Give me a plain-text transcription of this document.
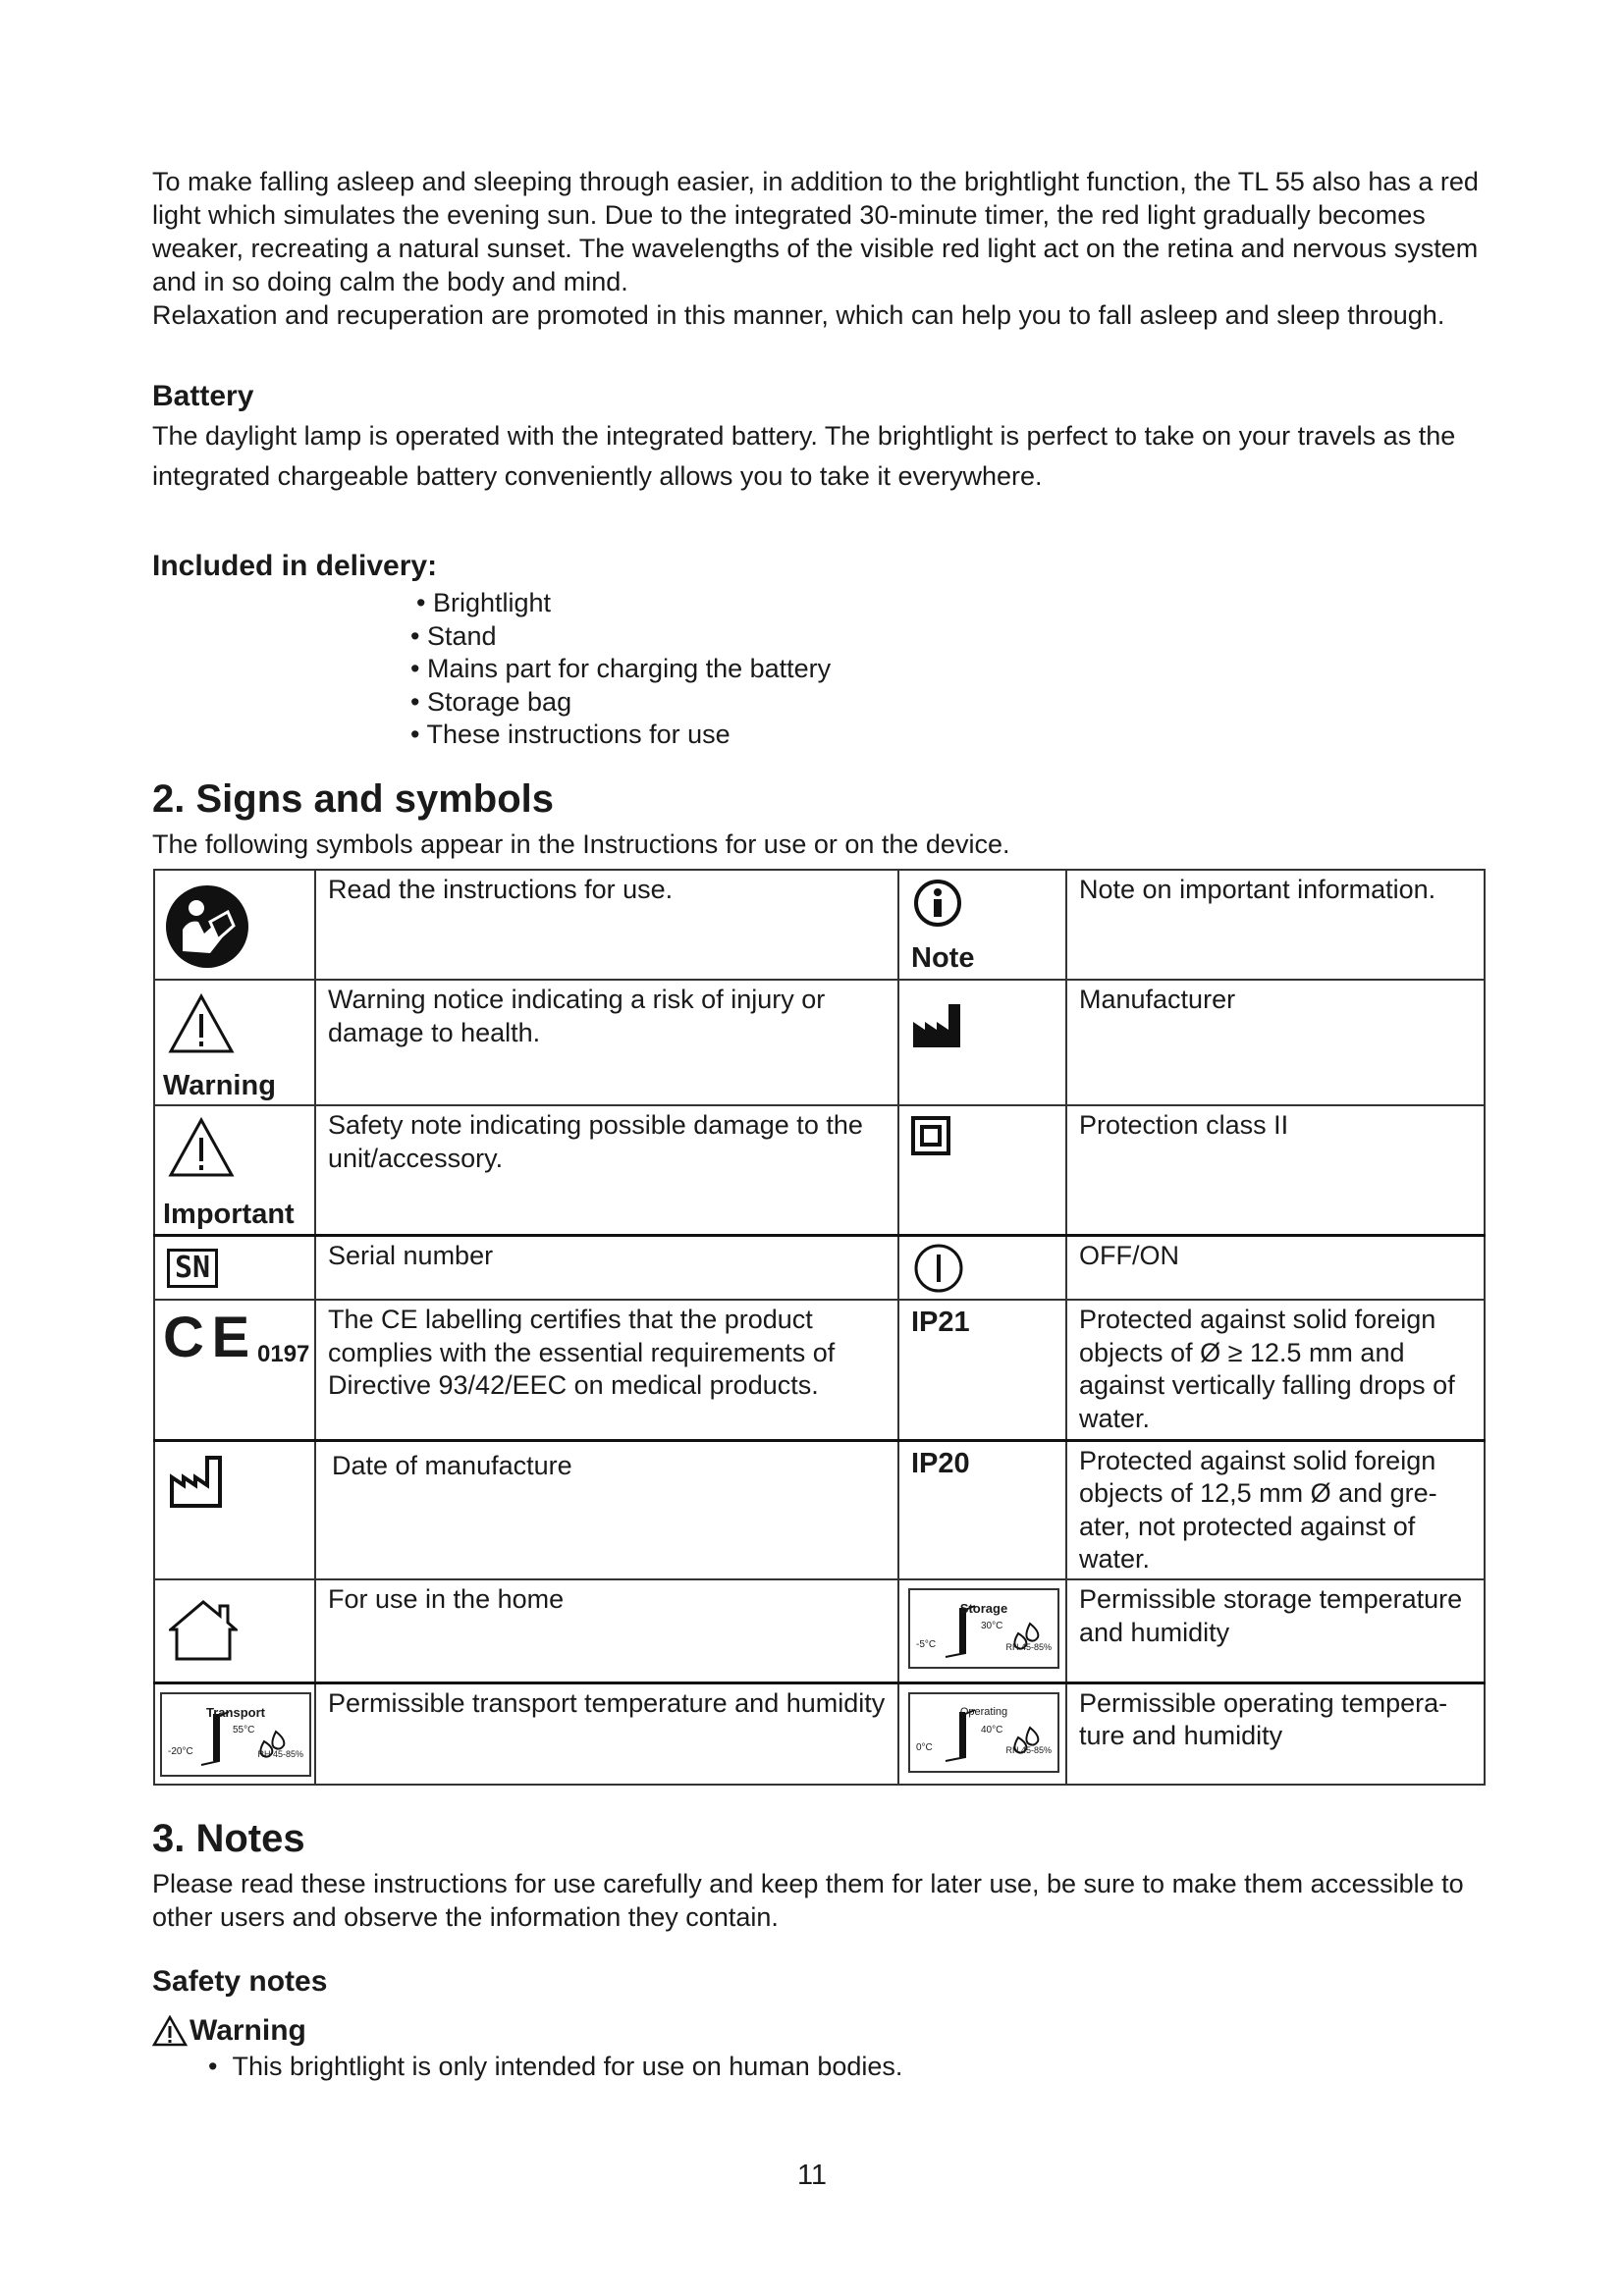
To make falling asleep and sleeping through easier, in addition to the brightlight function, the TL 55 also has a red light which simulates the evening sun. Due to the integrated 30-minute timer, the red light gradually becomes weaker, recreating a natural sunset. The wavelengths of the visible red light act on the retina and nervous system and in so doing calm the body and mind.

Relaxation and recuperation are promoted in this manner, which can help you to fall asleep and sleep through.

Battery

The daylight lamp is operated with the integrated battery. The brightlight is perfect to take on your travels as the integrated chargeable battery conveniently allows you to take it everywhere.

Included in delivery:
• Brightlight
• Stand
• Mains part for charging the battery
• Storage bag
• These instructions for use
2. Signs and symbols

The following symbols appear in the Instructions for use or on the device.

	Read the instructions for use.	Note	Note on important information.

Warning	Warning notice indicating a risk of injury or damage to health.		Manufacturer

Important	Safety note indicating possible damage to the unit/accessory.		Protection class II

SN	Serial number		OFF/ON

C E 0197	The CE labelling certifies that the product complies with the essential requirements of Directive 93/42/EEC on medical products.	IP21	Protected against solid foreign objects of Ø ≥ 12.5 mm and against vertically falling drops of water.

	Date of manufacture	IP20	Protected against solid foreign objects of 12,5 mm Ø and gre-ater, not protected against of water.

	For use in the home	Storage
-5°C
30°C
RH 45-85%	Permissible storage temperature and humidity

Transport
-20°C
55°C
RH 45-85%	Permissible transport temperature and humidity	Operating
0°C
40°C
RH 45-85%	Permissible operating tempera-ture and humidity
3. Notes

Please read these instructions for use carefully and keep them for later use, be sure to make them accessible to other users and observe the information they contain.

Safety notes
Warning

•  This brightlight is only intended for use on human bodies.

11
